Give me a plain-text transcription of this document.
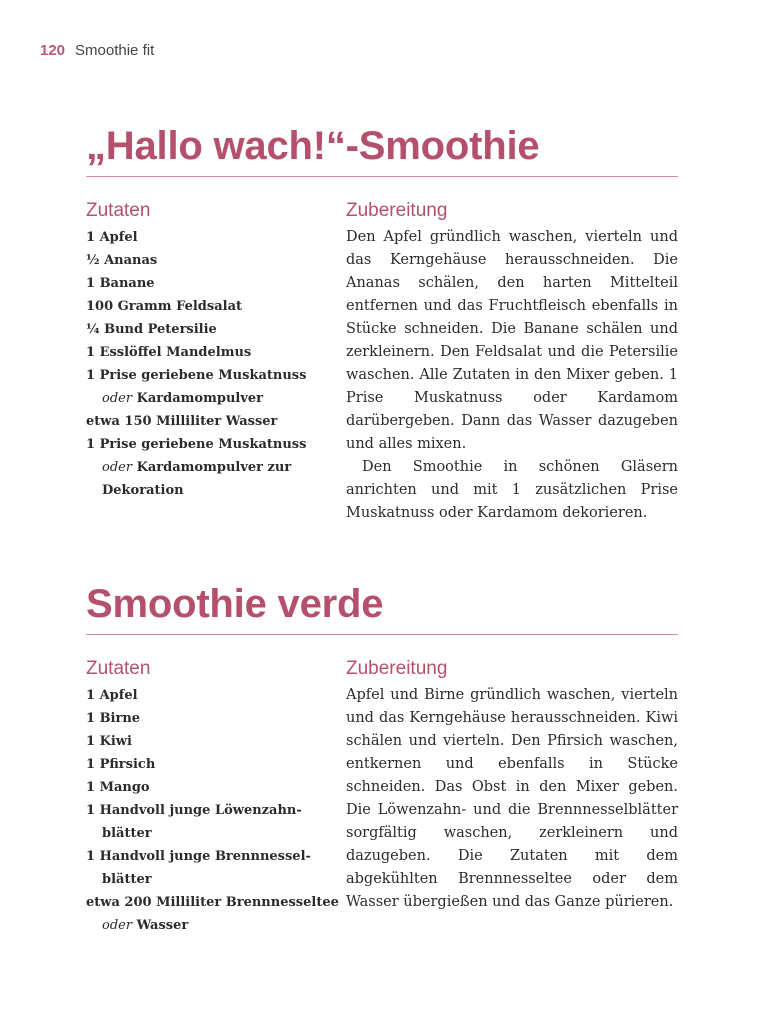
120 Smoothie fit
„Hallo wach!“-Smoothie
Zutaten
1 Apfel
½ Ananas
1 Banane
100 Gramm Feldsalat
¼ Bund Petersilie
1 Esslöffel Mandelmus
1 Prise geriebene Muskatnuss
oder Kardamompulver
etwa 150 Milliliter Wasser
1 Prise geriebene Muskatnuss
oder Kardamompulver zur
Dekoration
Zubereitung

Den Apfel gründlich waschen, vierteln und das Kerngehäuse herausschneiden. Die Ananas schälen, den harten Mittelteil entfernen und das Fruchtfleisch ebenfalls in Stücke schneiden. Die Banane schälen und zerkleinern. Den Feldsalat und die Petersilie waschen. Alle Zutaten in den Mixer geben. 1 Prise Muskatnuss oder Kardamom darübergeben. Dann das Wasser dazugeben und alles mixen.

Den Smoothie in schönen Gläsern anrichten und mit 1 zusätzlichen Prise Muskatnuss oder Kardamom dekorieren.

Smoothie verde
Zutaten
1 Apfel
1 Birne
1 Kiwi
1 Pfirsich
1 Mango
1 Handvoll junge Löwenzahn-
blätter
1 Handvoll junge Brennnessel-
blätter
etwa 200 Milliliter Brennnesseltee
oder Wasser
Zubereitung

Apfel und Birne gründlich waschen, vierteln und das Kerngehäuse herausschneiden. Kiwi schälen und vierteln. Den Pfirsich waschen, entkernen und ebenfalls in Stücke schneiden. Das Obst in den Mixer geben. Die Löwenzahn- und die Brennnesselblätter sorgfältig waschen, zerkleinern und dazugeben. Die Zutaten mit dem abgekühlten Brennnesseltee oder dem Wasser übergießen und das Ganze pürieren.
